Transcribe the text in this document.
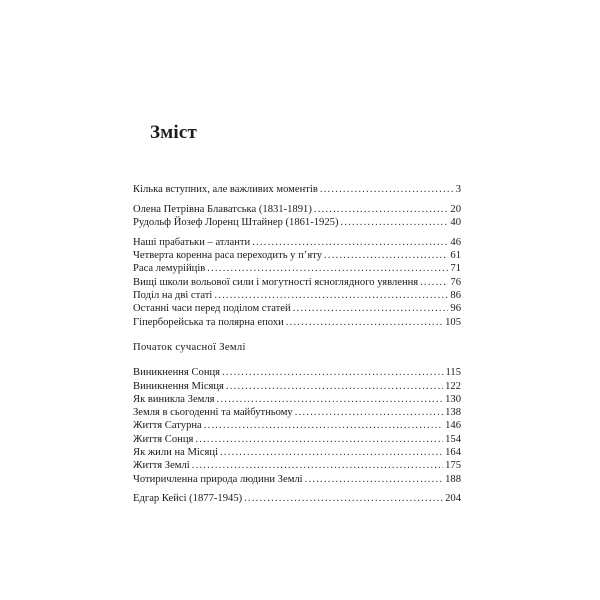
Зміст
Кілька вступних, але важливих моментів .....	3
Олена Петрівна Блаватська (1831-1891) .....	20
Рудольф Йозеф Лоренц Штайнер (1861-1925) .....	40
Наші прабатьки – атланти .....	46
Четверта коренна раса переходить у п’яту .....	61
Раса лемурійців .....	71
Вищі школи вольової сили і могутності ясноглядного уявлення .....	76
Поділ на дві статі .....	86
Останні часи перед поділом статей .....	96
Гіперборейська та полярна епохи .....	105
Початок сучасної Землі
Виникнення Сонця .....	115
Виникнення Місяця .....	122
Як виникла Земля .....	130
Земля в сьогоденні та майбутньому .....	138
Життя Сатурна .....	146
Життя Сонця .....	154
Як жили на Місяці .....	164
Життя Землі .....	175
Чотиричленна природа людини Землі .....	188
Едгар Кейсі (1877-1945) .....	204
